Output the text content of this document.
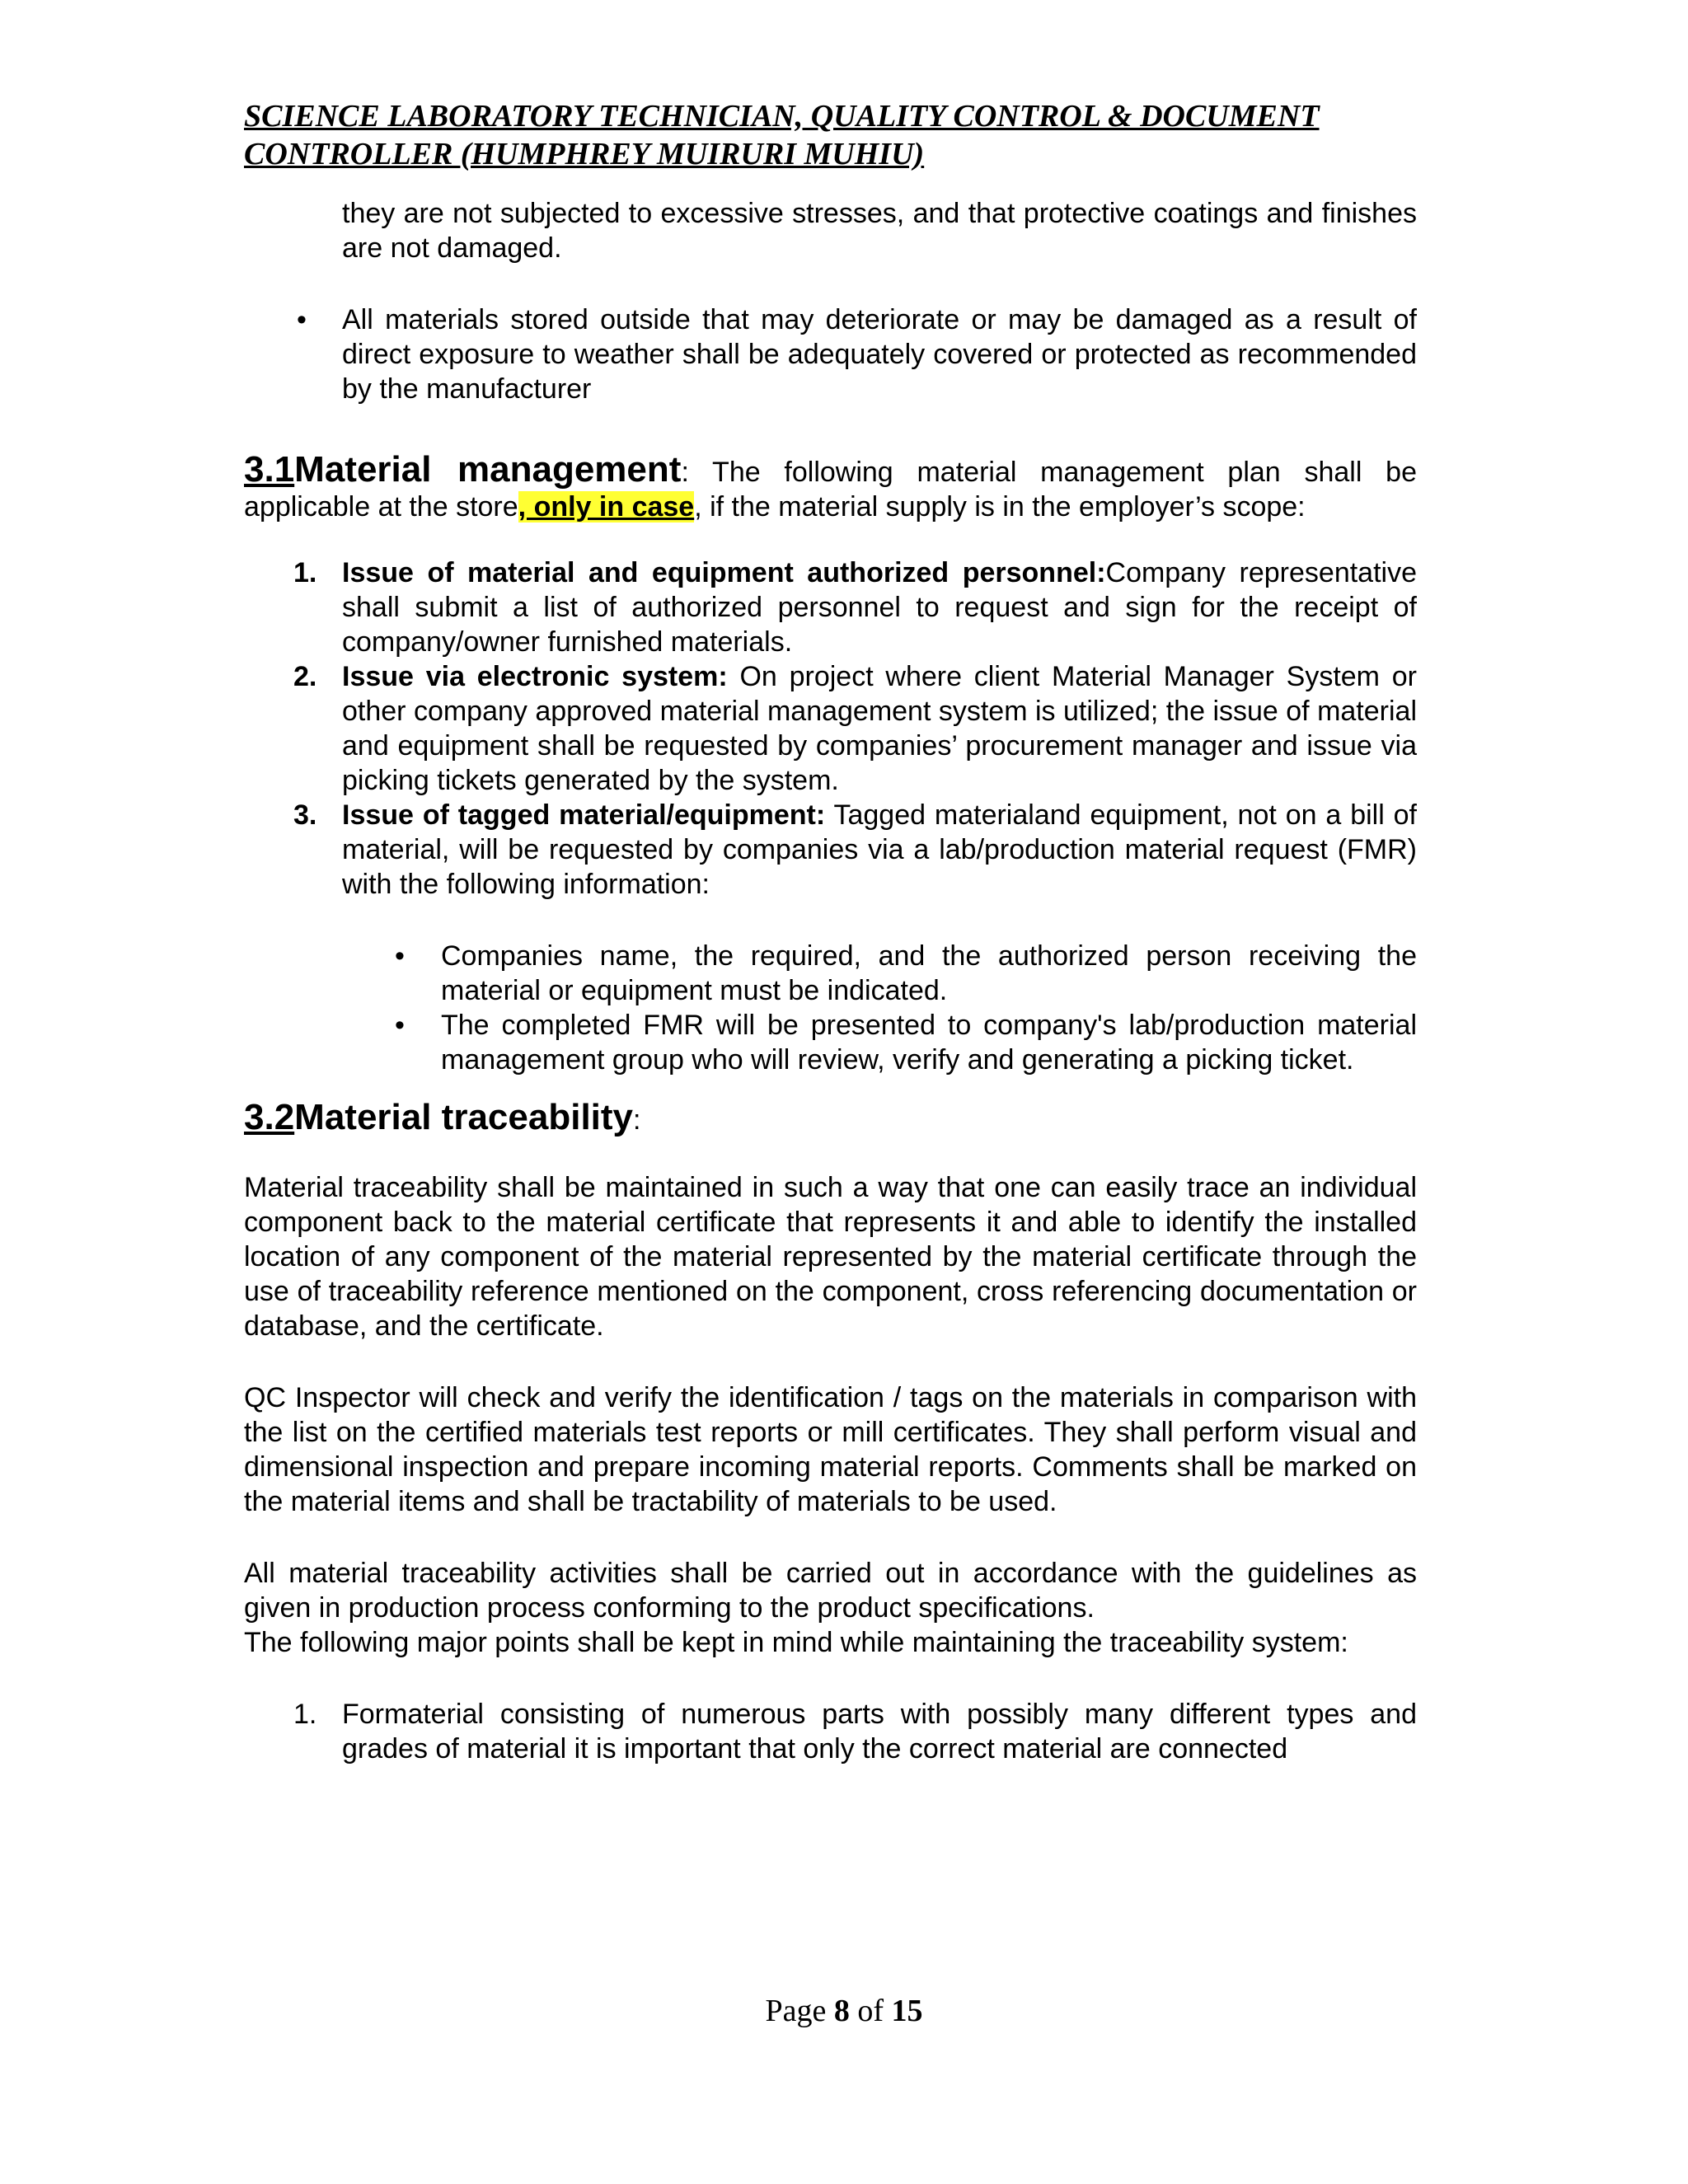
SCIENCE LABORATORY TECHNICIAN, QUALITY CONTROL & DOCUMENT
CONTROLLER (HUMPHREY MUIRURI MUHIU)

they are not subjected to excessive stresses, and that protective coatings and finishes are not damaged.

• All materials stored outside that may deteriorate or may be damaged as a result of direct exposure to weather shall be adequately covered or protected as recommended by the manufacturer

3.1Material management: The following material management plan shall be applicable at the store, only in case, if the material supply is in the employer’s scope:

1. Issue of material and equipment authorized personnel:Company representative shall submit a list of authorized personnel to request and sign for the receipt of company/owner furnished materials.
2. Issue via electronic system: On project where client Material Manager System or other company approved material management system is utilized; the issue of material and equipment shall be requested by companies’ procurement manager and issue via picking tickets generated by the system.
3. Issue of tagged material/equipment: Tagged materialand equipment, not on a bill of material, will be requested by companies via a lab/production material request (FMR) with the following information:
• Companies name, the required, and the authorized person receiving the material or equipment must be indicated.
• The completed FMR will be presented to company's lab/production material management group who will review, verify and generating a picking ticket.

3.2Material traceability:

Material traceability shall be maintained in such a way that one can easily trace an individual component back to the material certificate that represents it and able to identify the installed location of any component of the material represented by the material certificate through the use of traceability reference mentioned on the component, cross referencing documentation or database, and the certificate.

QC Inspector will check and verify the identification / tags on the materials in comparison with the list on the certified materials test reports or mill certificates. They shall perform visual and dimensional inspection and prepare incoming material reports. Comments shall be marked on the material items and shall be tractability of materials to be used.

All material traceability activities shall be carried out in accordance with the guidelines as given in production process conforming to the product specifications.

The following major points shall be kept in mind while maintaining the traceability system:

1. Formaterial consisting of numerous parts with possibly many different types and grades of material it is important that only the correct material are connected
Page 8 of 15
